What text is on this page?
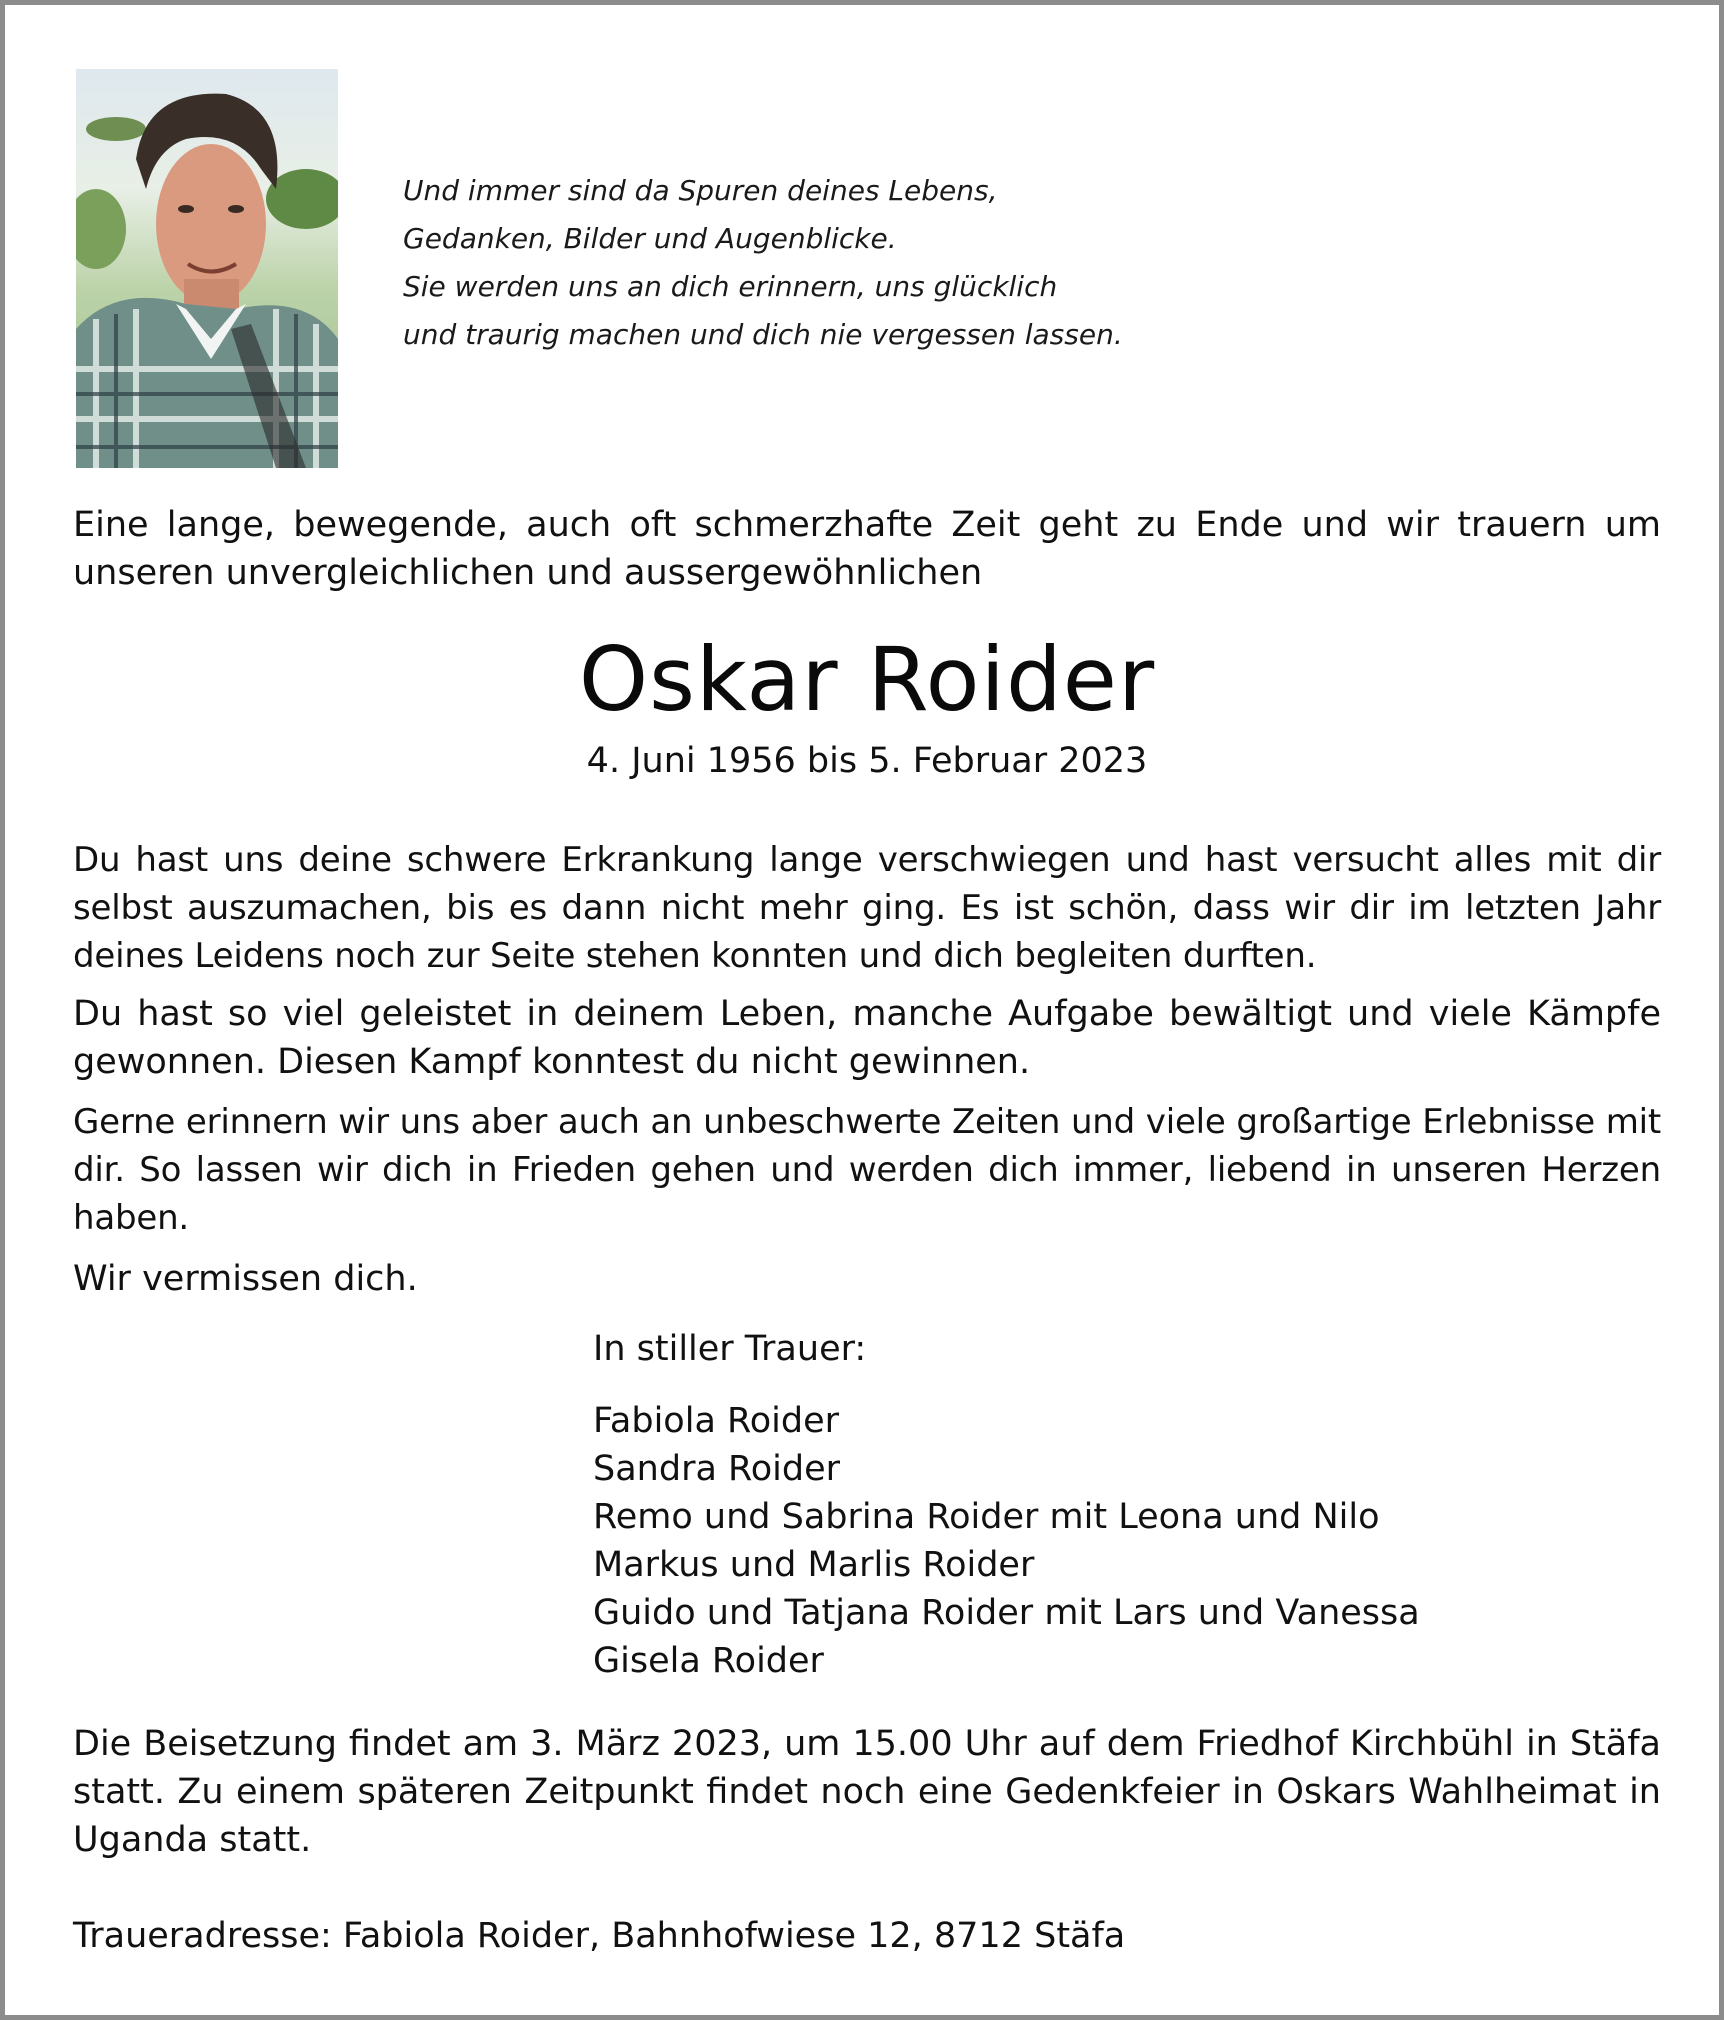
Und immer sind da Spuren deines Lebens,
Gedanken, Bilder und Augenblicke.
Sie werden uns an dich erinnern, uns glücklich
und traurig machen und dich nie vergessen lassen.
Eine lange, bewegende, auch oft schmerzhafte Zeit geht zu Ende und wir trauern um
unseren unvergleichlichen und aussergewöhnlichen
Oskar Roider
4. Juni 1956 bis 5. Februar 2023
Du hast uns deine schwere Erkrankung lange verschwiegen und hast versucht alles mit dir selbst auszumachen, bis es dann nicht mehr ging. Es ist schön, dass wir dir im letzten Jahr deines Leidens noch zur Seite stehen konnten und dich begleiten durften.
Du hast so viel geleistet in deinem Leben, manche Aufgabe bewältigt und viele Kämpfe gewonnen. Diesen Kampf konntest du nicht gewinnen.
Gerne erinnern wir uns aber auch an unbeschwerte Zeiten und viele großartige Erlebnisse mit dir. So lassen wir dich in Frieden gehen und werden dich immer, liebend in unseren Herzen haben.
Wir vermissen dich.
In stiller Trauer:
Fabiola Roider
Sandra Roider
Remo und Sabrina Roider mit Leona und Nilo
Markus und Marlis Roider
Guido und Tatjana Roider mit Lars und Vanessa
Gisela Roider
Die Beisetzung findet am 3. März 2023, um 15.00 Uhr auf dem Friedhof Kirchbühl in Stäfa statt. Zu einem späteren Zeitpunkt findet noch eine Gedenkfeier in Oskars Wahlheimat in Uganda statt.
Traueradresse: Fabiola Roider, Bahnhofwiese 12, 8712 Stäfa
